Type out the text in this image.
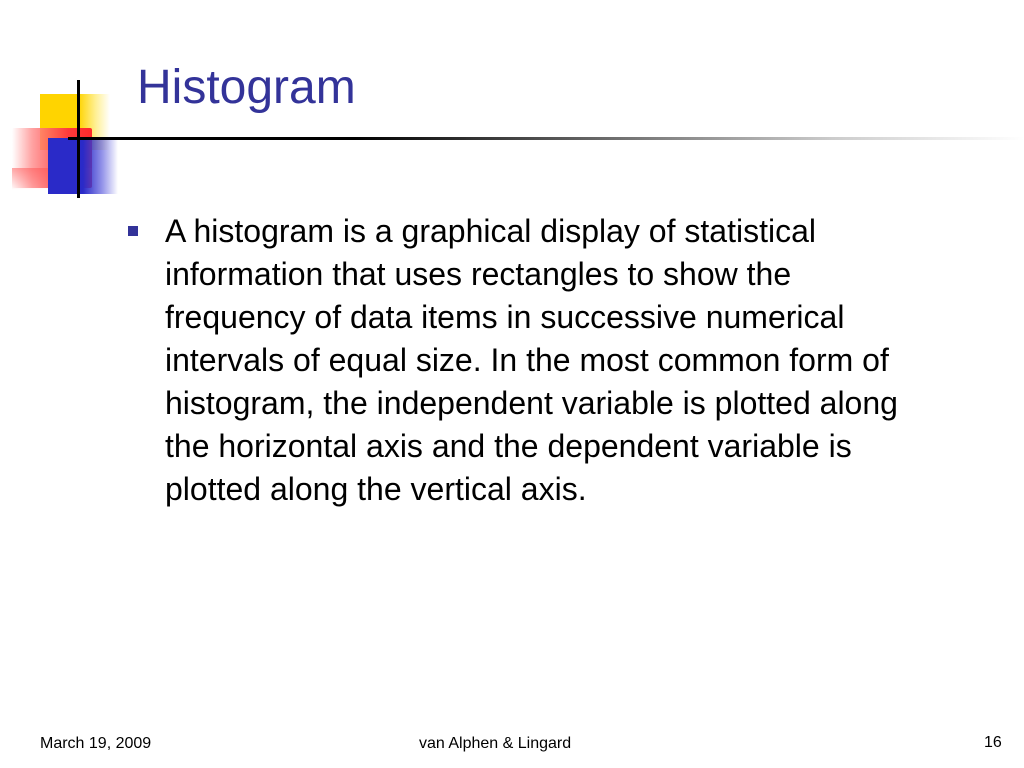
Histogram

A histogram is a graphical display of statistical information that uses rectangles to show the frequency of data items in successive numerical intervals of equal size. In the most common form of histogram, the independent variable is plotted along the horizontal axis and the dependent variable is plotted along the vertical axis.

March 19, 2009	van Alphen & Lingard	16
